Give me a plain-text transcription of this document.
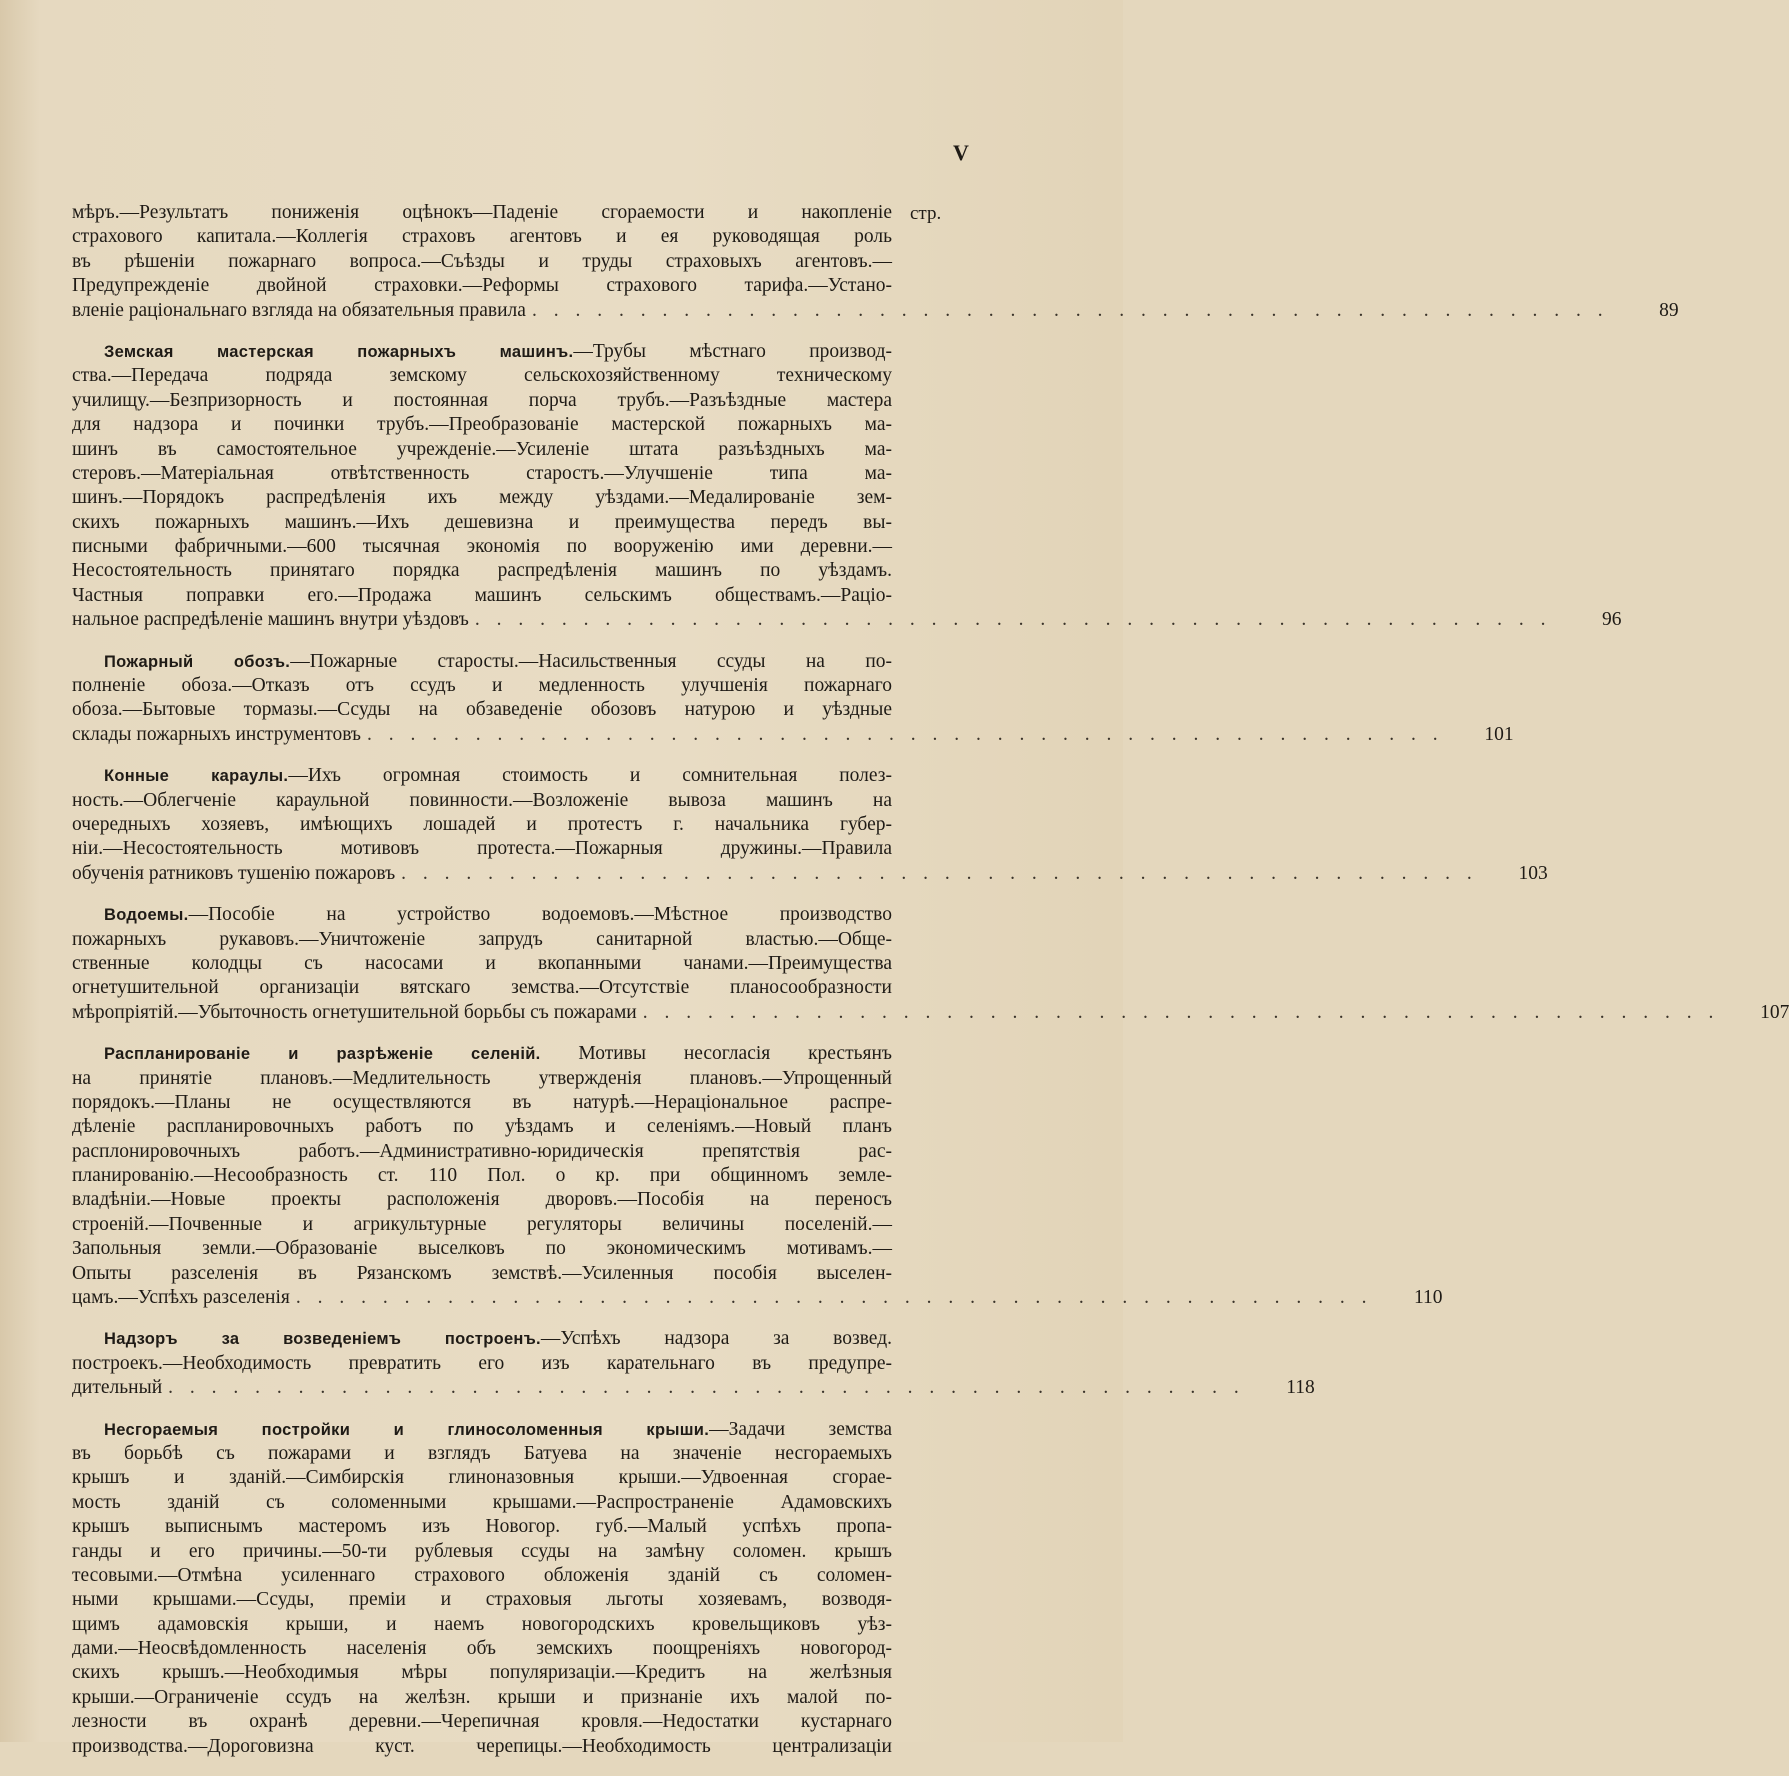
V
стр.
мѣръ.—Результатъ пониженія оцѣнокъ—Паденіе сгораемости и накопленіе
страхового капитала.—Коллегія страховъ агентовъ и ея руководящая роль
въ рѣшеніи пожарнаго вопроса.—Съѣзды и труды страховыхъ агентовъ.—
Предупрежденіе двойной страховки.—Реформы страхового тарифа.—Устано-
вленіе раціональнаго взгляда на обязательныя правила . . . . . . . . . . . . . . . . . . . . . . . . . . . . . . . . . . . . . . . . . . . . . . . . . .	89
Земская мастерская пожарныхъ машинъ.—Трубы мѣстнаго производ-
ства.—Передача подряда земскому сельскохозяйственному техническому
училищу.—Безпризорность и постоянная порча трубъ.—Разъѣздные мастера
для надзора и починки трубъ.—Преобразованіе мастерской пожарныхъ ма-
шинъ въ самостоятельное учрежденіе.—Усиленіе штата разъѣздныхъ ма-
стеровъ.—Матеріальная отвѣтственность старостъ.—Улучшеніе типа ма-
шинъ.—Порядокъ распредѣленія ихъ между уѣздами.—Медалированіе зем-
скихъ пожарныхъ машинъ.—Ихъ дешевизна и преимущества передъ вы-
писными фабричными.—600 тысячная экономія по вооруженію ими деревни.—
Несостоятельность принятаго порядка распредѣленія машинъ по уѣздамъ.
Частныя поправки его.—Продажа машинъ сельскимъ обществамъ.—Раціо-
нальное распредѣленіе машинъ внутри уѣздовъ . . . . . . . . . . . . . . . . . . . . . . . . . . . . . . . . . . . . . . . . . . . . . . . . . .	96
Пожарный обозъ.—Пожарные старосты.—Насильственныя ссуды на по-
полненіе обоза.—Отказъ отъ ссудъ и медленность улучшенія пожарнаго
обоза.—Бытовые тормазы.—Ссуды на обзаведеніе обозовъ натурою и уѣздные
склады пожарныхъ инструментовъ . . . . . . . . . . . . . . . . . . . . . . . . . . . . . . . . . . . . . . . . . . . . . . . . . .	101
Конные караулы.—Ихъ огромная стоимость и сомнительная полез-
ность.—Облегченіе караульной повинности.—Возложеніе вывоза машинъ на
очередныхъ хозяевъ, имѣющихъ лошадей и протестъ г. начальника губер-
ніи.—Несостоятельность мотивовъ протеста.—Пожарныя дружины.—Правила
обученія ратниковъ тушенію пожаровъ . . . . . . . . . . . . . . . . . . . . . . . . . . . . . . . . . . . . . . . . . . . . . . . . . .	103
Водоемы.—Пособіе на устройство водоемовъ.—Мѣстное производство
пожарныхъ рукавовъ.—Уничтоженіе запрудъ санитарной властью.—Обще-
ственные колодцы съ насосами и вкопанными чанами.—Преимущества
огнетушительной организаціи вятскаго земства.—Отсутствіе планосообразности
мѣропріятій.—Убыточность огнетушительной борьбы съ пожарами . . . . . . . . . . . . . . . . . . . . . . . . . . . . . . . . . . . . . . . . . . . . . . . . . .	107
Распланированіе и разрѣженіе селеній. Мотивы несогласія крестьянъ
на принятіе плановъ.—Медлительность утвержденія плановъ.—Упрощенный
порядокъ.—Планы не осуществляются въ натурѣ.—Нераціональное распре-
дѣленіе распланировочныхъ работъ по уѣздамъ и селеніямъ.—Новый планъ
расплонировочныхъ работъ.—Административно-юридическія препятствія рас-
планированію.—Несообразность ст. 110 Пол. о кр. при общинномъ земле-
владѣніи.—Новые проекты расположенія дворовъ.—Пособія на переносъ
строеній.—Почвенные и агрикультурные регуляторы величины поселеній.—
Запольныя земли.—Образованіе выселковъ по экономическимъ мотивамъ.—
Опыты разселенія въ Рязанскомъ земствѣ.—Усиленныя пособія выселен-
цамъ.—Успѣхъ разселенія . . . . . . . . . . . . . . . . . . . . . . . . . . . . . . . . . . . . . . . . . . . . . . . . . .	110
Надзоръ за возведеніемъ построенъ.—Успѣхъ надзора за возвед.
построекъ.—Необходимость превратить его изъ карательнаго въ предупре-
дительный . . . . . . . . . . . . . . . . . . . . . . . . . . . . . . . . . . . . . . . . . . . . . . . . . .	118
Несгораемыя постройки и глиносоломенныя крыши.—Задачи земства
въ борьбѣ съ пожарами и взглядъ Батуева на значеніе несгораемыхъ
крышъ и зданій.—Симбирскія глиноназовныя крыши.—Удвоенная сгорае-
мость зданій съ соломенными крышами.—Распространеніе Адамовскихъ
крышъ выписнымъ мастеромъ изъ Новогор. губ.—Малый успѣхъ пропа-
ганды и его причины.—50-ти рублевыя ссуды на замѣну соломен. крышъ
тесовыми.—Отмѣна усиленнаго страхового обложенія зданій съ соломен-
ными крышами.—Ссуды, преміи и страховыя льготы хозяевамъ, возводя-
щимъ адамовскія крыши, и наемъ новогородскихъ кровельщиковъ уѣз-
дами.—Неосвѣдомленность населенія объ земскихъ поощреніяхъ новогород-
скихъ крышъ.—Необходимыя мѣры популяризаціи.—Кредитъ на желѣзныя
крыши.—Ограниченіе ссудъ на желѣзн. крыши и признаніе ихъ малой по-
лезности въ охранѣ деревни.—Черепичная кровля.—Недостатки кустарнаго
производства.—Дороговизна куст. черепицы.—Необходимость централизаціи
